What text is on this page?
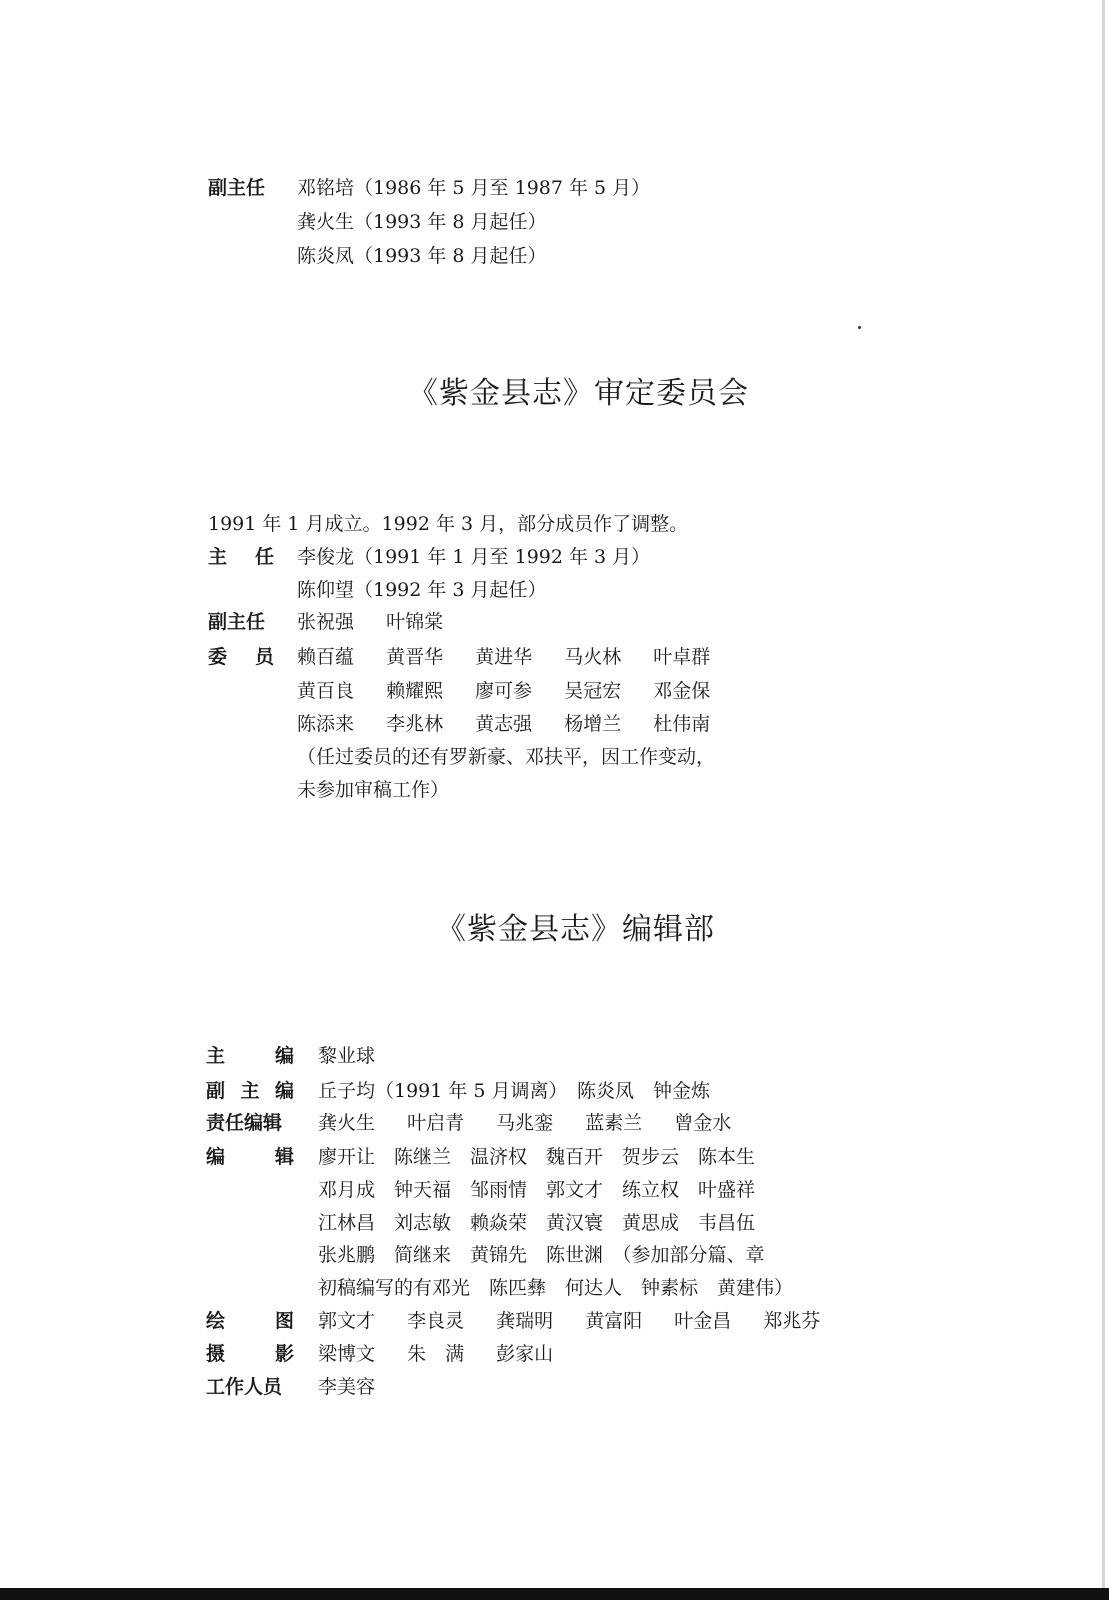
副主任 邓铭培（1986 年 5 月至 1987 年 5 月）
龚火生（1993 年 8 月起任）
陈炎凤（1993 年 8 月起任）
《紫金县志》审定委员会
1991 年 1 月成立。1992 年 3 月，部分成员作了调整。
主 任 李俊龙（1991 年 1 月至 1992 年 3 月）
陈仰望（1992 年 3 月起任）
副主任 张祝强 叶锦棠
委 员 赖百蕴 黄晋华 黄进华 马火林 叶卓群
黄百良 赖耀熙 廖可参 吴冠宏 邓金保
陈添来 李兆林 黄志强 杨增兰 杜伟南
（任过委员的还有罗新豪、邓扶平，因工作变动，
未参加审稿工作）
《紫金县志》编辑部
主	编 黎业球
副 主 编 丘子均（1991 年 5 月调离）　陈炎凤　钟金炼
责任编辑 龚火生 叶启青 马兆銮 蓝素兰 曾金水
编	辑 廖开让　陈继兰　温济权　魏百开　贺步云　陈本生
邓月成　钟天福　邹雨情　郭文才　练立权　叶盛祥
江林昌　刘志敏　赖焱荣　黄汉寰　黄思成　韦昌伍
张兆鹏　简继来　黄锦先　陈世渊　（参加部分篇、章
初稿编写的有邓光　陈匹彝　何达人　钟素标　黄建伟）
绘	图 郭文才 李良灵 龚瑞明 黄富阳 叶金昌 郑兆芬
摄	影 梁博文 朱　满 彭家山
工作人员 李美容
